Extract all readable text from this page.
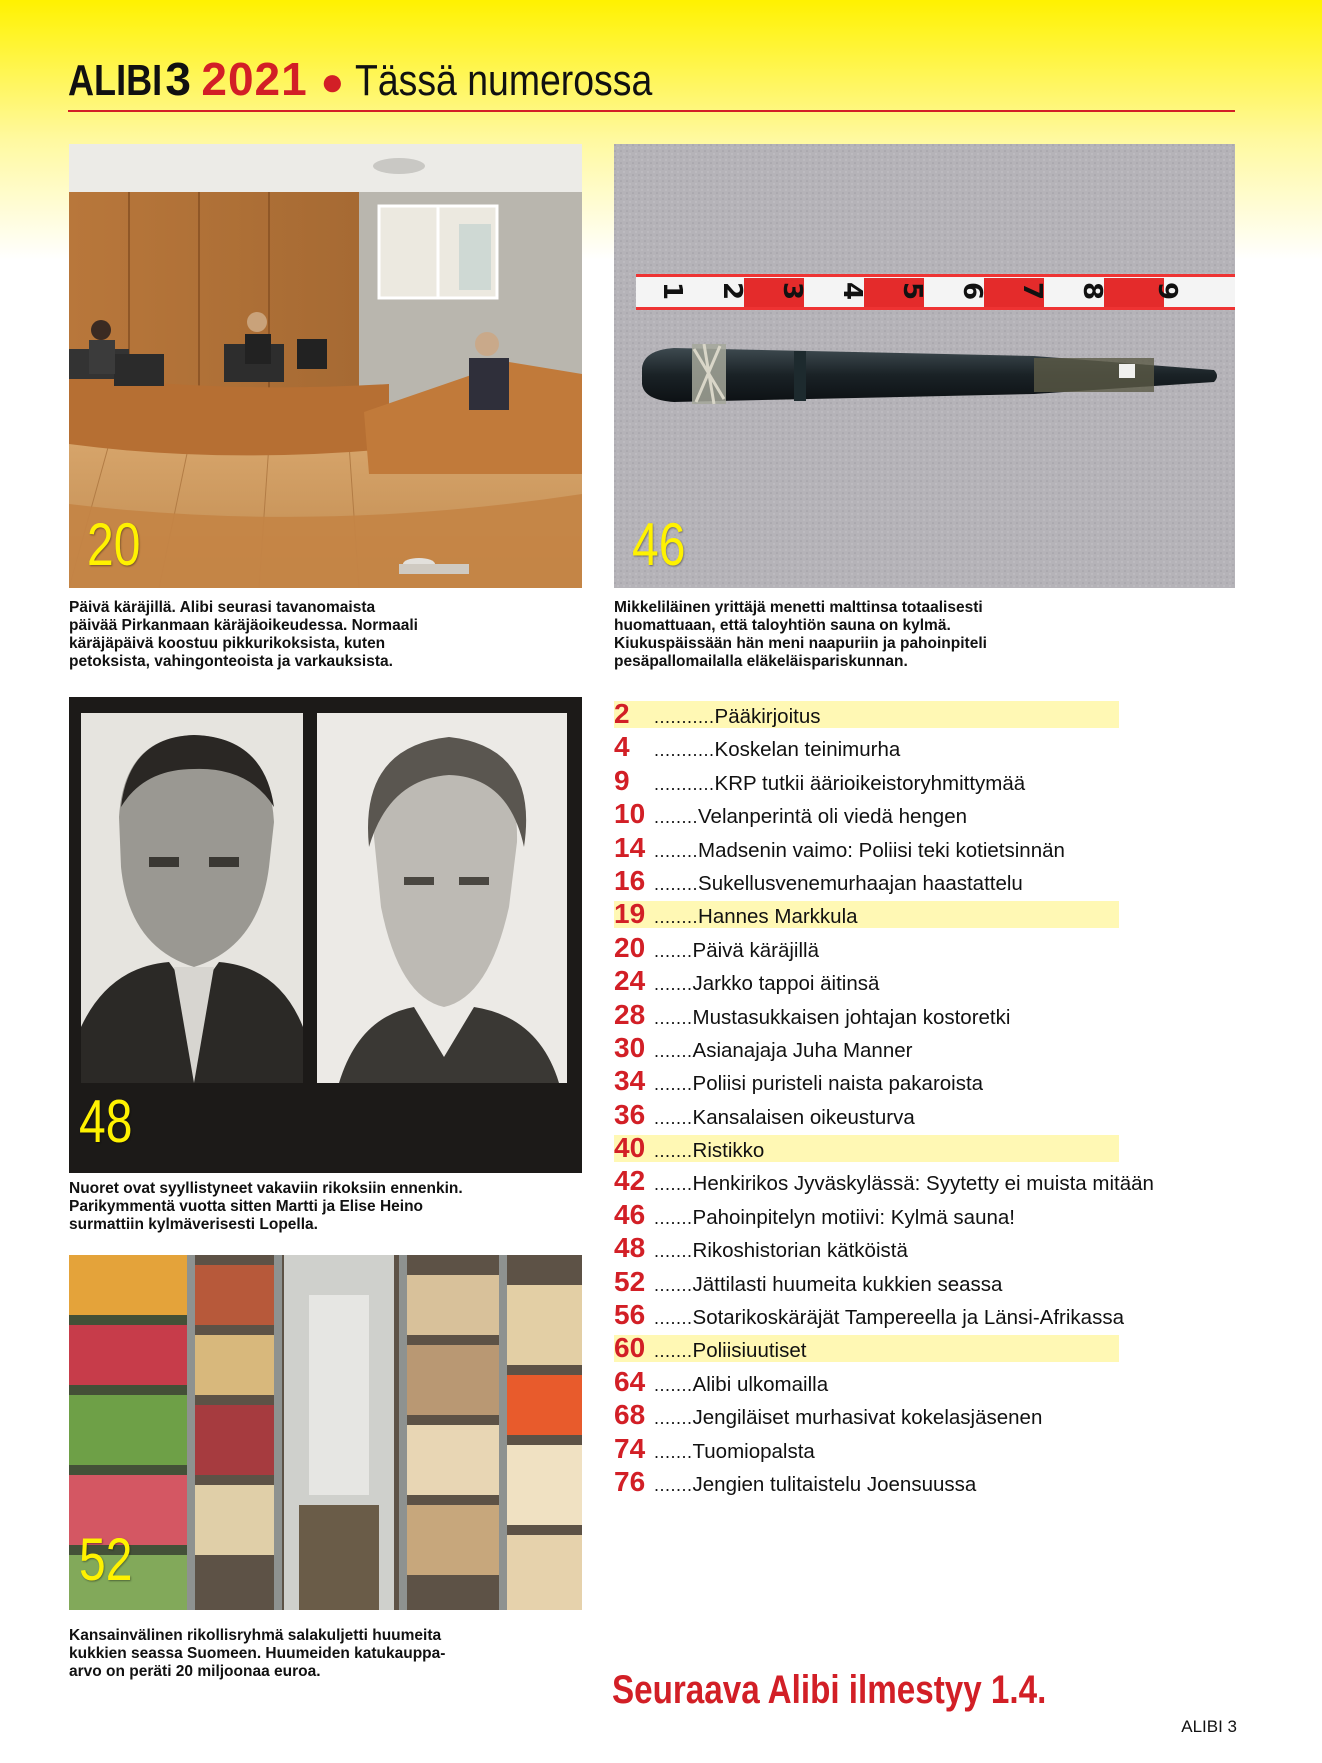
ALIBI 3 2021 ● Tässä numerossa
20
Päivä käräjillä. Alibi seurasi tavanomaista
päivää Pirkanmaan käräjäoikeudessa. Normaali
käräjäpäivä koostuu pikkurikoksista, kuten
petoksista, vahingonteoista ja varkauksista.
1 2 3 4 5 6 7 8 9
46
Mikkeliläinen yrittäjä menetti malttinsa totaalisesti
huomattuaan, että taloyhtiön sauna on kylmä.
Kiukuspäissään hän meni naapuriin ja pahoinpiteli
pesäpallomailalla eläkeläispariskunnan.
48
Nuoret ovat syyllistyneet vakaviin rikoksiin ennenkin.
Parikymmentä vuotta sitten Martti ja Elise Heino
surmattiin kylmäverisesti Lopella.
52
Kansainvälinen rikollisryhmä salakuljetti huumeita
kukkien seassa Suomeen. Huumeiden katukauppa-
arvo on peräti 20 miljoonaa euroa.
2 ...........Pääkirjoitus
4 ...........Koskelan teinimurha
9 ...........KRP tutkii äärioikeistoryhmittymää
10 ........Velanperintä oli viedä hengen
14 ........Madsenin vaimo: Poliisi teki kotietsinnän
16 ........Sukellusvenemurhaajan haastattelu
19 ........Hannes Markkula
20 .......Päivä käräjillä
24 .......Jarkko tappoi äitinsä
28 .......Mustasukkaisen johtajan kostoretki
30 .......Asianajaja Juha Manner
34 .......Poliisi puristeli naista pakaroista
36 .......Kansalaisen oikeusturva
40 .......Ristikko
42 .......Henkirikos Jyväskylässä: Syytetty ei muista mitään
46 .......Pahoinpitelyn motiivi: Kylmä sauna!
48 .......Rikoshistorian kätköistä
52 .......Jättilasti huumeita kukkien seassa
56 .......Sotarikoskäräjät Tampereella ja Länsi-Afrikassa
60 .......Poliisiuutiset
64 .......Alibi ulkomailla
68 .......Jengiläiset murhasivat kokelasjäsenen
74 .......Tuomiopalsta
76 .......Jengien tulitaistelu Joensuussa
Seuraava Alibi ilmestyy 1.4.
ALIBI 3
